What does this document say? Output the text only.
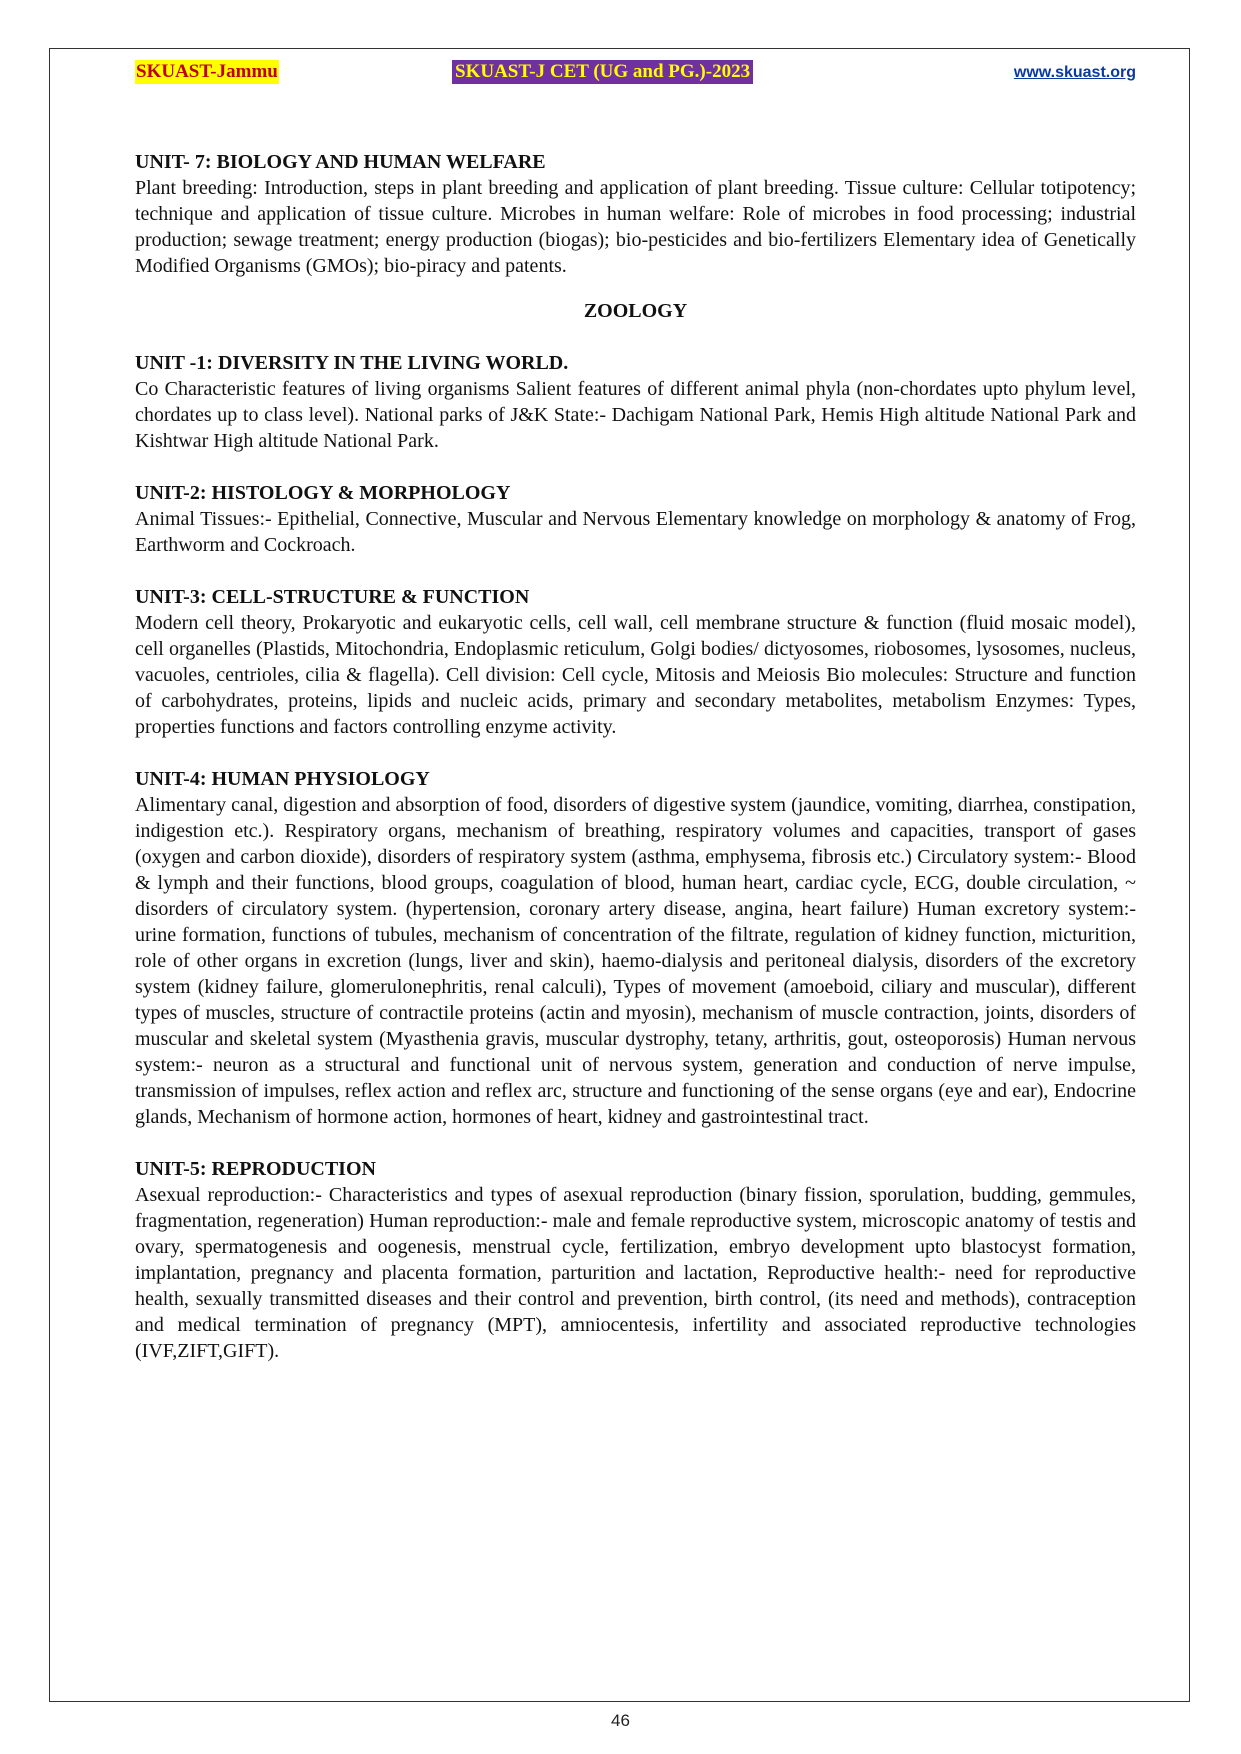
SKUAST-Jammu	SKUAST-J CET (UG and PG.)-2023	www.skuast.org

UNIT- 7: BIOLOGY AND HUMAN WELFARE

Plant breeding: Introduction, steps in plant breeding and application of plant breeding. Tissue culture: Cellular totipotency; technique and application of tissue culture. Microbes in human welfare: Role of microbes in food processing; industrial production; sewage treatment; energy production (biogas); bio-pesticides and bio-fertilizers Elementary idea of Genetically Modified Organisms (GMOs); bio-piracy and patents.

ZOOLOGY

UNIT -1: DIVERSITY IN THE LIVING WORLD.

Co Characteristic features of living organisms Salient features of different animal phyla (non-chordates upto phylum level, chordates up to class level). National parks of J&K State:- Dachigam National Park, Hemis High altitude National Park and Kishtwar High altitude National Park.

UNIT-2: HISTOLOGY & MORPHOLOGY

Animal Tissues:- Epithelial, Connective, Muscular and Nervous Elementary knowledge on morphology & anatomy of Frog, Earthworm and Cockroach.

UNIT-3: CELL-STRUCTURE & FUNCTION

Modern cell theory, Prokaryotic and eukaryotic cells, cell wall, cell membrane structure & function (fluid mosaic model), cell organelles (Plastids, Mitochondria, Endoplasmic reticulum, Golgi bodies/ dictyosomes, riobosomes, lysosomes, nucleus, vacuoles, centrioles, cilia & flagella). Cell division: Cell cycle, Mitosis and Meiosis Bio molecules: Structure and function of carbohydrates, proteins, lipids and nucleic acids, primary and secondary metabolites, metabolism Enzymes: Types, properties functions and factors controlling enzyme activity.

UNIT-4: HUMAN PHYSIOLOGY

Alimentary canal, digestion and absorption of food, disorders of digestive system (jaundice, vomiting, diarrhea, constipation, indigestion etc.). Respiratory organs, mechanism of breathing, respiratory volumes and capacities, transport of gases (oxygen and carbon dioxide), disorders of respiratory system (asthma, emphysema, fibrosis etc.) Circulatory system:- Blood & lymph and their functions, blood groups, coagulation of blood, human heart, cardiac cycle, ECG, double circulation, ~ disorders of circulatory system. (hypertension, coronary artery disease, angina, heart failure) Human excretory system:- urine formation, functions of tubules, mechanism of concentration of the filtrate, regulation of kidney function, micturition, role of other organs in excretion (lungs, liver and skin), haemo-dialysis and peritoneal dialysis, disorders of the excretory system (kidney failure, glomerulonephritis, renal calculi), Types of movement (amoeboid, ciliary and muscular), different types of muscles, structure of contractile proteins (actin and myosin), mechanism of muscle contraction, joints, disorders of muscular and skeletal system (Myasthenia gravis, muscular dystrophy, tetany, arthritis, gout, osteoporosis) Human nervous system:- neuron as a structural and functional unit of nervous system, generation and conduction of nerve impulse, transmission of impulses, reflex action and reflex arc, structure and functioning of the sense organs (eye and ear), Endocrine glands, Mechanism of hormone action, hormones of heart, kidney and gastrointestinal tract.

UNIT-5: REPRODUCTION

Asexual reproduction:- Characteristics and types of asexual reproduction (binary fission, sporulation, budding, gemmules, fragmentation, regeneration) Human reproduction:- male and female reproductive system, microscopic anatomy of testis and ovary, spermatogenesis and oogenesis, menstrual cycle, fertilization, embryo development upto blastocyst formation, implantation, pregnancy and placenta formation, parturition and lactation, Reproductive health:- need for reproductive health, sexually transmitted diseases and their control and prevention, birth control, (its need and methods), contraception and medical termination of pregnancy (MPT), amniocentesis, infertility and associated reproductive technologies (IVF,ZIFT,GIFT).

46
